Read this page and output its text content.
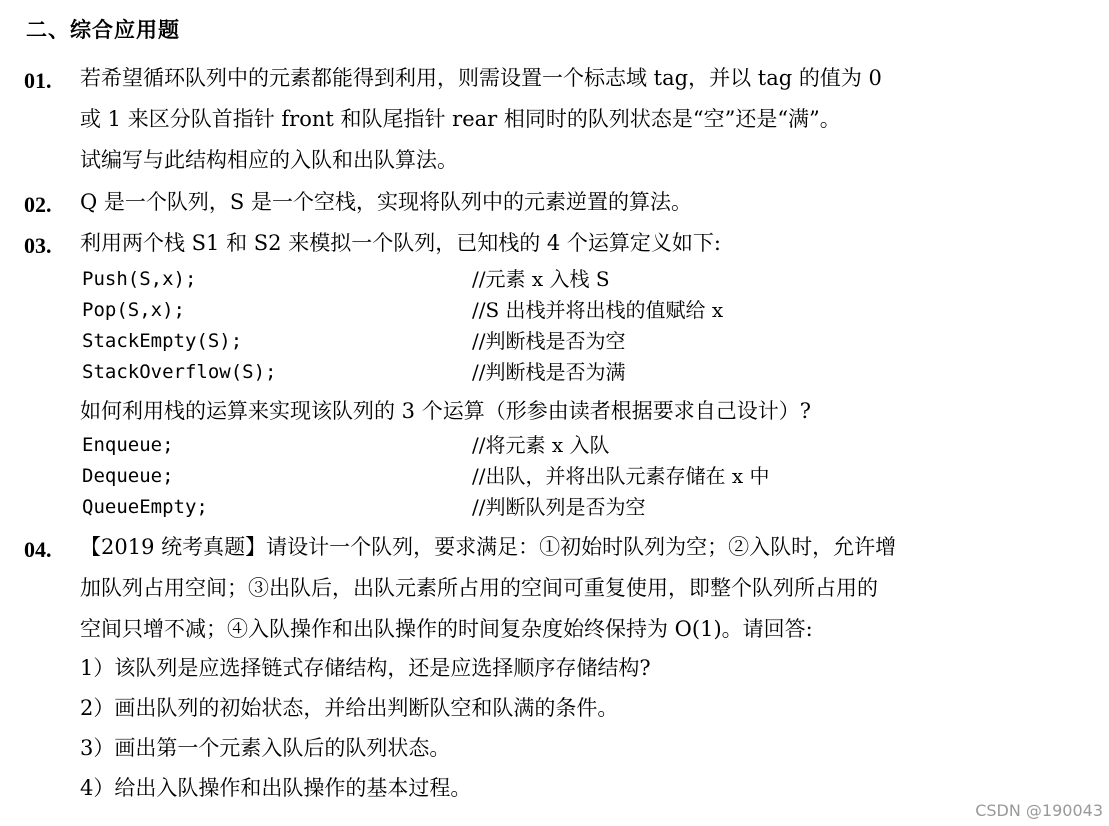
二、综合应用题
01. 若希望循环队列中的元素都能得到利用，则需设置一个标志域 tag，并以 tag 的值为 0
或 1 来区分队首指针 front 和队尾指针 rear 相同时的队列状态是“空”还是“满”。
试编写与此结构相应的入队和出队算法。
02. Q 是一个队列，S 是一个空栈，实现将队列中的元素逆置的算法。
03. 利用两个栈 S1 和 S2 来模拟一个队列，已知栈的 4 个运算定义如下:
Push(S,x);	//元素 x 入栈 S
Pop(S,x);	//S 出栈并将出栈的值赋给 x
StackEmpty(S);	//判断栈是否为空
StackOverflow(S);	//判断栈是否为满
如何利用栈的运算来实现该队列的 3 个运算（形参由读者根据要求自己设计）?
Enqueue;	//将元素 x 入队
Dequeue;	//出队，并将出队元素存储在 x 中
QueueEmpty;	//判断队列是否为空
04. 【2019 统考真题】请设计一个队列，要求满足：①初始时队列为空；②入队时，允许增
加队列占用空间；③出队后，出队元素所占用的空间可重复使用，即整个队列所占用的
空间只增不减；④入队操作和出队操作的时间复杂度始终保持为 O(1)。请回答:
1）该队列是应选择链式存储结构，还是应选择顺序存储结构?
2）画出队列的初始状态，并给出判断队空和队满的条件。
3）画出第一个元素入队后的队列状态。
4）给出入队操作和出队操作的基本过程。
CSDN @190043
